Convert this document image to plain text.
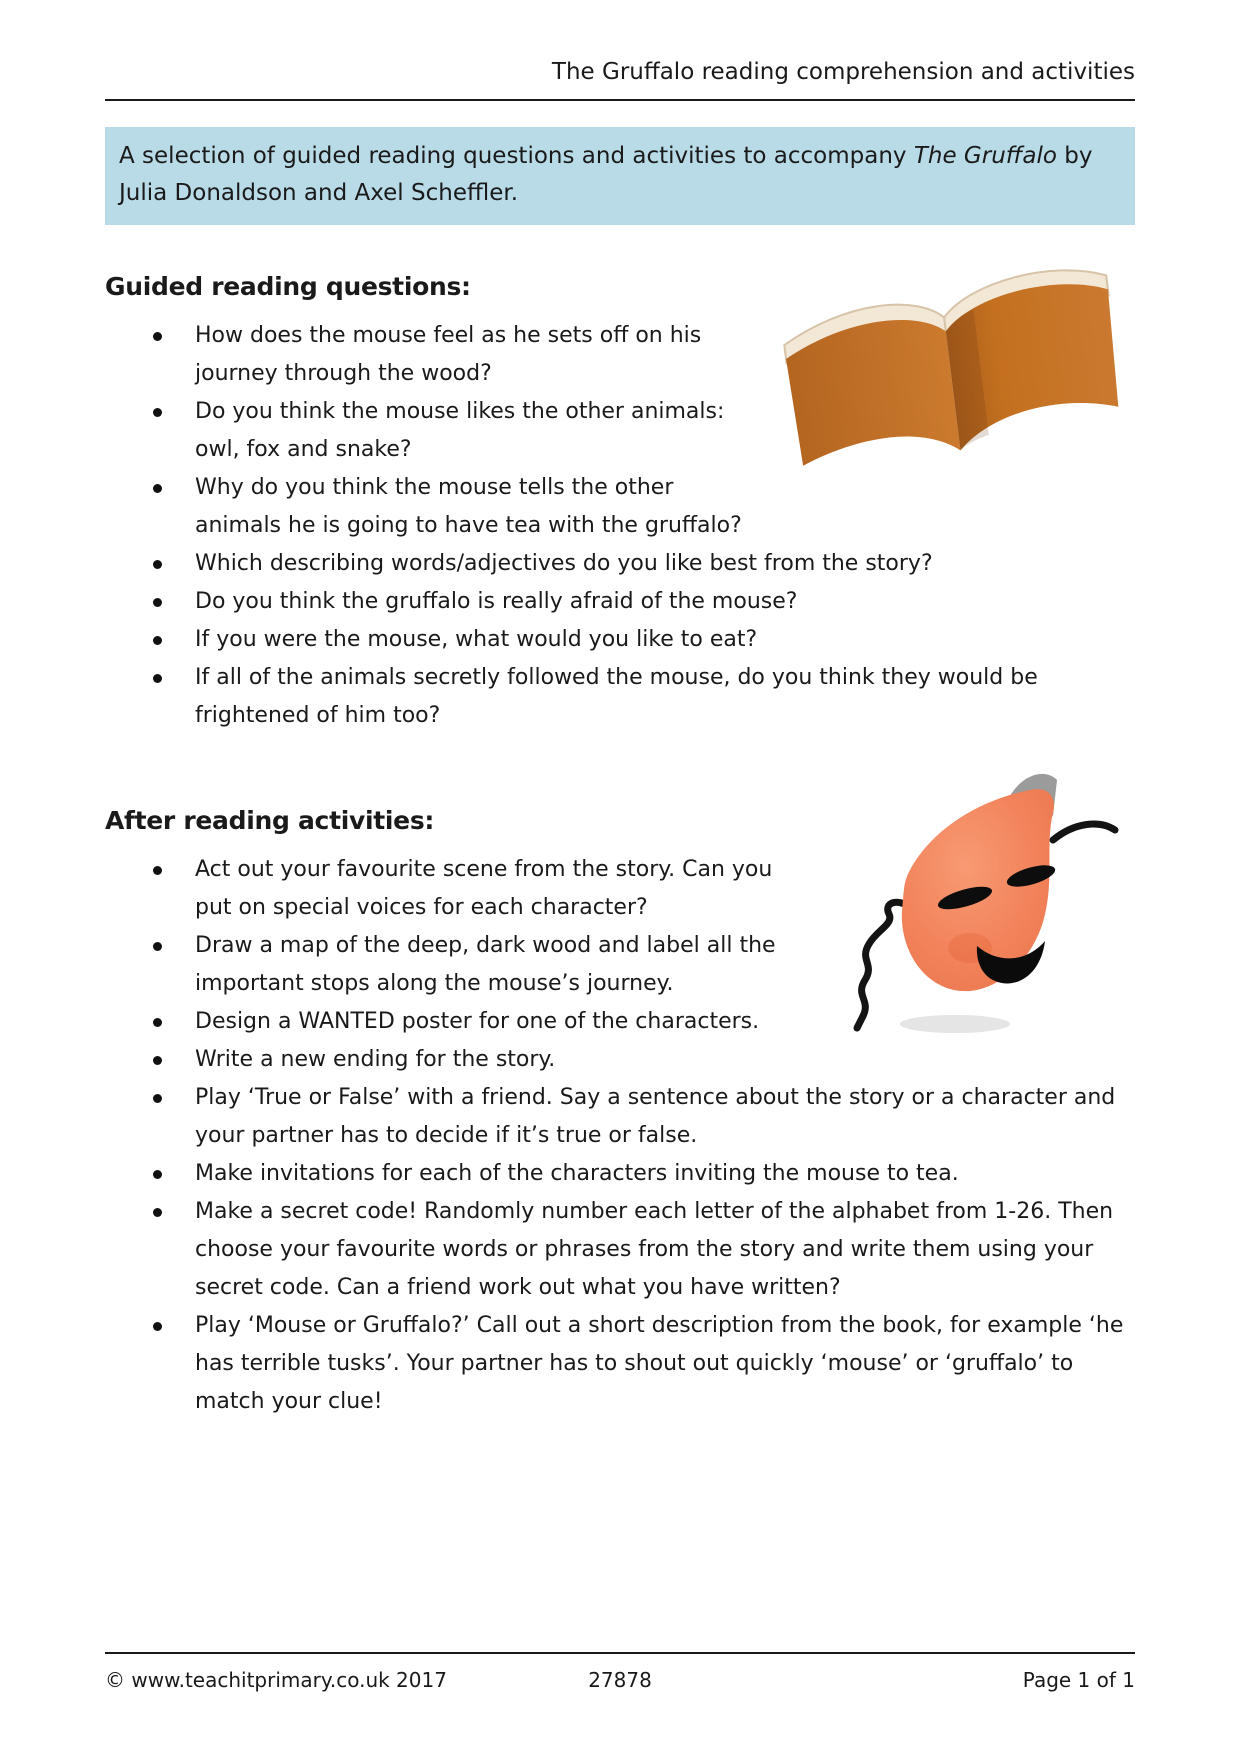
The Gruffalo reading comprehension and activities

A selection of guided reading questions and activities to accompany The Gruffalo by Julia Donaldson and Axel Scheffler.

Guided reading questions:
How does the mouse feel as he sets off on his journey through the wood?
Do you think the mouse likes the other animals: owl, fox and snake?
Why do you think the mouse tells the other animals he is going to have tea with the gruffalo?
Which describing words/adjectives do you like best from the story?
Do you think the gruffalo is really afraid of the mouse?
If you were the mouse, what would you like to eat?
If all of the animals secretly followed the mouse, do you think they would be frightened of him too?
After reading activities:
Act out your favourite scene from the story. Can you put on special voices for each character?
Draw a map of the deep, dark wood and label all the important stops along the mouse’s journey.
Design a WANTED poster for one of the characters.
Write a new ending for the story.
Play ‘True or False’ with a friend. Say a sentence about the story or a character and your partner has to decide if it’s true or false.
Make invitations for each of the characters inviting the mouse to tea.
Make a secret code! Randomly number each letter of the alphabet from 1-26. Then choose your favourite words or phrases from the story and write them using your secret code. Can a friend work out what you have written?
Play ‘Mouse or Gruffalo?’ Call out a short description from the book, for example ‘he has terrible tusks’. Your partner has to shout out quickly ‘mouse’ or ‘gruffalo’ to match your clue!
© www.teachitprimary.co.uk 2017	27878	Page 1 of 1
